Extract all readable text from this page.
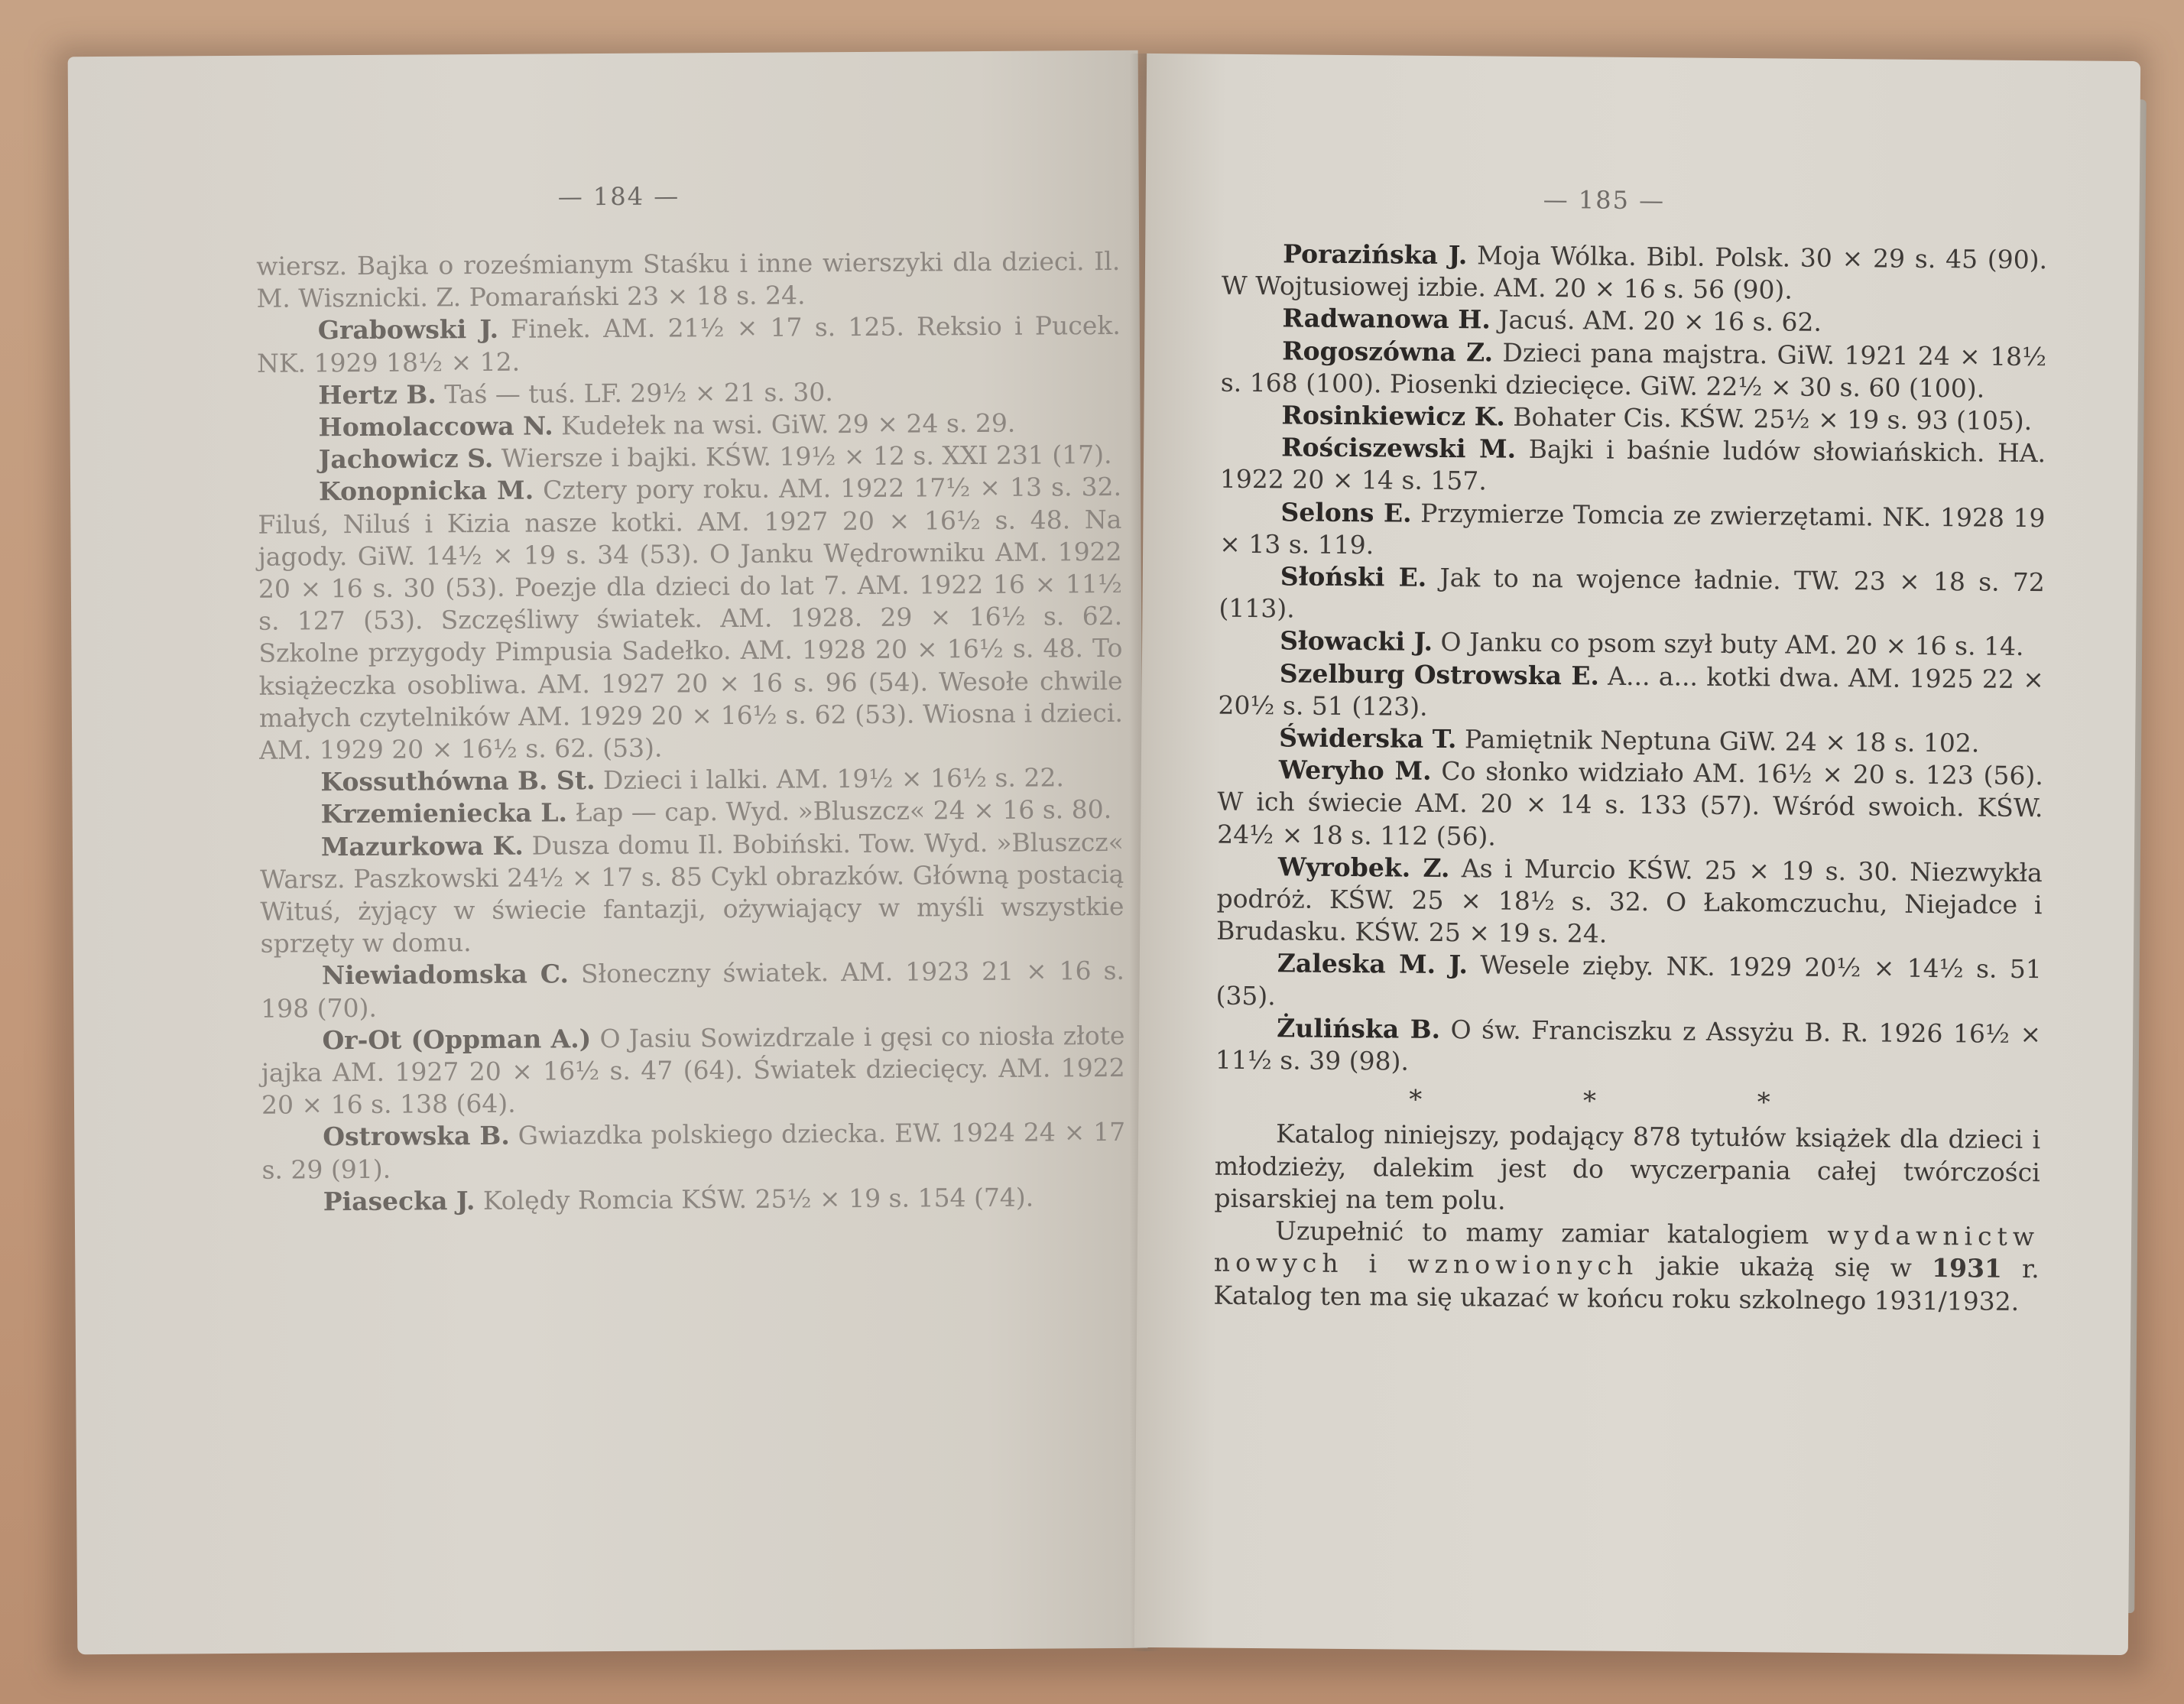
— 184 —

wiersz. Bajka o roześmianym Staśku i inne wierszyki dla dzieci. Il. M. Wisznicki. Z. Pomarański 23 × 18 s. 24.

Grabowski J. Finek. AM. 21½ × 17 s. 125. Reksio i Pucek. NK. 1929 18½ × 12.

Hertz B. Taś — tuś. LF. 29½ × 21 s. 30.

Homolaccowa N. Kudełek na wsi. GiW. 29 × 24 s. 29.

Jachowicz S. Wiersze i bajki. KŚW. 19½ × 12 s. XXI 231 (17).

Konopnicka M. Cztery pory roku. AM. 1922 17½ × 13 s. 32. Filuś, Niluś i Kizia nasze kotki. AM. 1927 20 × 16½ s. 48. Na jagody. GiW. 14½ × 19 s. 34 (53). O Janku Wędrowniku AM. 1922 20 × 16 s. 30 (53). Poezje dla dzieci do lat 7. AM. 1922 16 × 11½ s. 127 (53). Szczęśliwy światek. AM. 1928. 29 × 16½ s. 62. Szkolne przygody Pimpusia Sadełko. AM. 1928 20 × 16½ s. 48. To książeczka osobliwa. AM. 1927 20 × 16 s. 96 (54). Wesołe chwile małych czytelników AM. 1929 20 × 16½ s. 62 (53). Wiosna i dzieci. AM. 1929 20 × 16½ s. 62. (53).

Kossuthówna B. St. Dzieci i lalki. AM. 19½ × 16½ s. 22.

Krzemieniecka L. Łap — cap. Wyd. »Bluszcz« 24 × 16 s. 80.

Mazurkowa K. Dusza domu Il. Bobiński. Tow. Wyd. »Bluszcz« Warsz. Paszkowski 24½ × 17 s. 85 Cykl obrazków. Główną postacią Wituś, żyjący w świecie fantazji, ożywiający w myśli wszystkie sprzęty w domu.

Niewiadomska C. Słoneczny światek. AM. 1923 21 × 16 s. 198 (70).

Or-Ot (Oppman A.) O Jasiu Sowizdrzale i gęsi co niosła złote jajka AM. 1927 20 × 16½ s. 47 (64). Światek dziecięcy. AM. 1922 20 × 16 s. 138 (64).

Ostrowska B. Gwiazdka polskiego dziecka. EW. 1924 24 × 17 s. 29 (91).

Piasecka J. Kolędy Romcia KŚW. 25½ × 19 s. 154 (74).

— 185 —

Porazińska J. Moja Wólka. Bibl. Polsk. 30 × 29 s. 45 (90). W Wojtusiowej izbie. AM. 20 × 16 s. 56 (90).

Radwanowa H. Jacuś. AM. 20 × 16 s. 62.

Rogoszówna Z. Dzieci pana majstra. GiW. 1921 24 × 18½ s. 168 (100). Piosenki dziecięce. GiW. 22½ × 30 s. 60 (100).

Rosinkiewicz K. Bohater Cis. KŚW. 25½ × 19 s. 93 (105).

Rościszewski M. Bajki i baśnie ludów słowiańskich. HA. 1922 20 × 14 s. 157.

Selons E. Przymierze Tomcia ze zwierzętami. NK. 1928 19 × 13 s. 119.

Słoński E. Jak to na wojence ładnie. TW. 23 × 18 s. 72 (113).

Słowacki J. O Janku co psom szył buty AM. 20 × 16 s. 14.

Szelburg Ostrowska E. A... a... kotki dwa. AM. 1925 22 × 20½ s. 51 (123).

Świderska T. Pamiętnik Neptuna GiW. 24 × 18 s. 102.

Weryho M. Co słonko widziało AM. 16½ × 20 s. 123 (56). W ich świecie AM. 20 × 14 s. 133 (57). Wśród swoich. KŚW. 24½ × 18 s. 112 (56).

Wyrobek. Z. As i Murcio KŚW. 25 × 19 s. 30. Niezwykła podróż. KŚW. 25 × 18½ s. 32. O Łakomczuchu, Niejadce i Brudasku. KŚW. 25 × 19 s. 24.

Zaleska M. J. Wesele zięby. NK. 1929 20½ × 14½ s. 51 (35).

Żulińska B. O św. Franciszku z Assyżu B. R. 1926 16½ × 11½ s. 39 (98).

* * *

Katalog niniejszy, podający 878 tytułów książek dla dzieci i młodzieży, dalekim jest do wyczerpania całej twórczości pisarskiej na tem polu.

Uzupełnić to mamy zamiar katalogiem wydawnictw nowych i wznowionych jakie ukażą się w 1931 r. Katalog ten ma się ukazać w końcu roku szkolnego 1931/1932.
